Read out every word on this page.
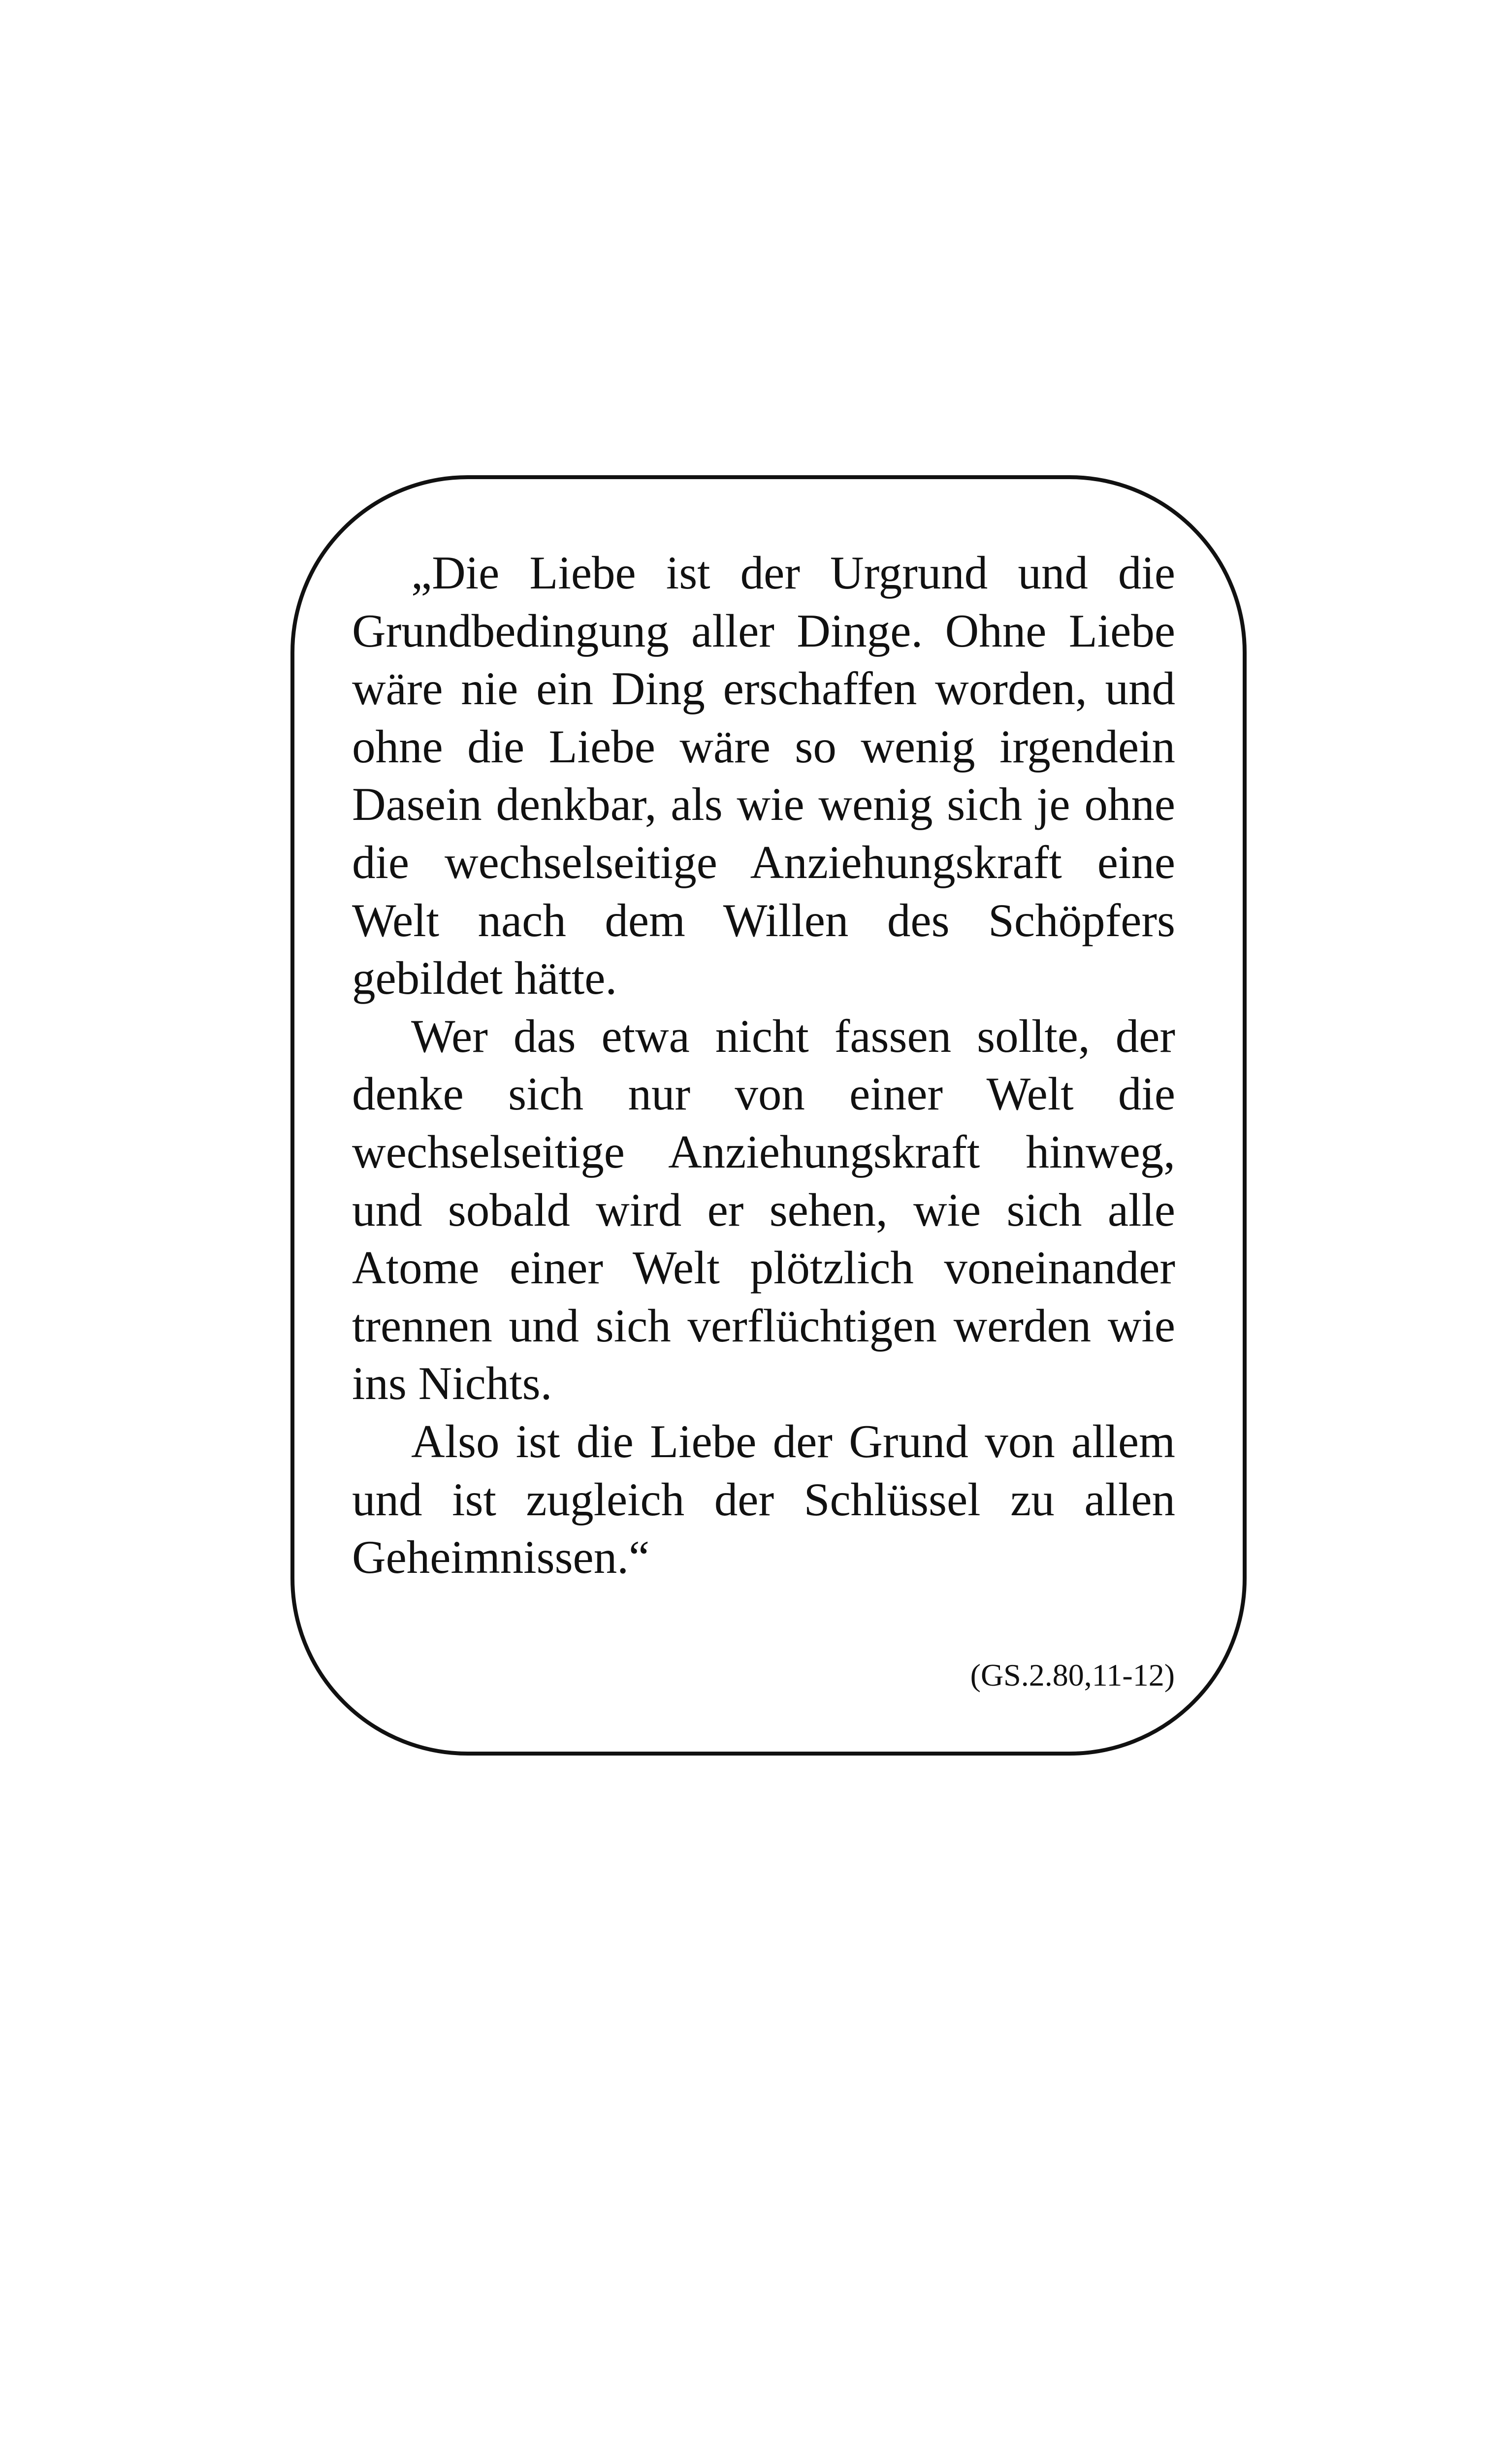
„Die Liebe ist der Urgrund und die Grundbedingung aller Dinge. Ohne Liebe wäre nie ein Ding erschaffen worden, und ohne die Liebe wäre so wenig irgendein Dasein denkbar, als wie wenig sich je ohne die wechselseitige Anziehungskraft eine Welt nach dem Willen des Schöpfers gebildet hätte.

Wer das etwa nicht fassen sollte, der denke sich nur von einer Welt die wechselseitige Anziehungskraft hinweg, und sobald wird er sehen, wie sich alle Atome einer Welt plötzlich voneinander trennen und sich verflüchtigen werden wie ins Nichts.

Also ist die Liebe der Grund von allem und ist zugleich der Schlüssel zu allen Geheimnissen.“

(GS.2.80,11-12)
